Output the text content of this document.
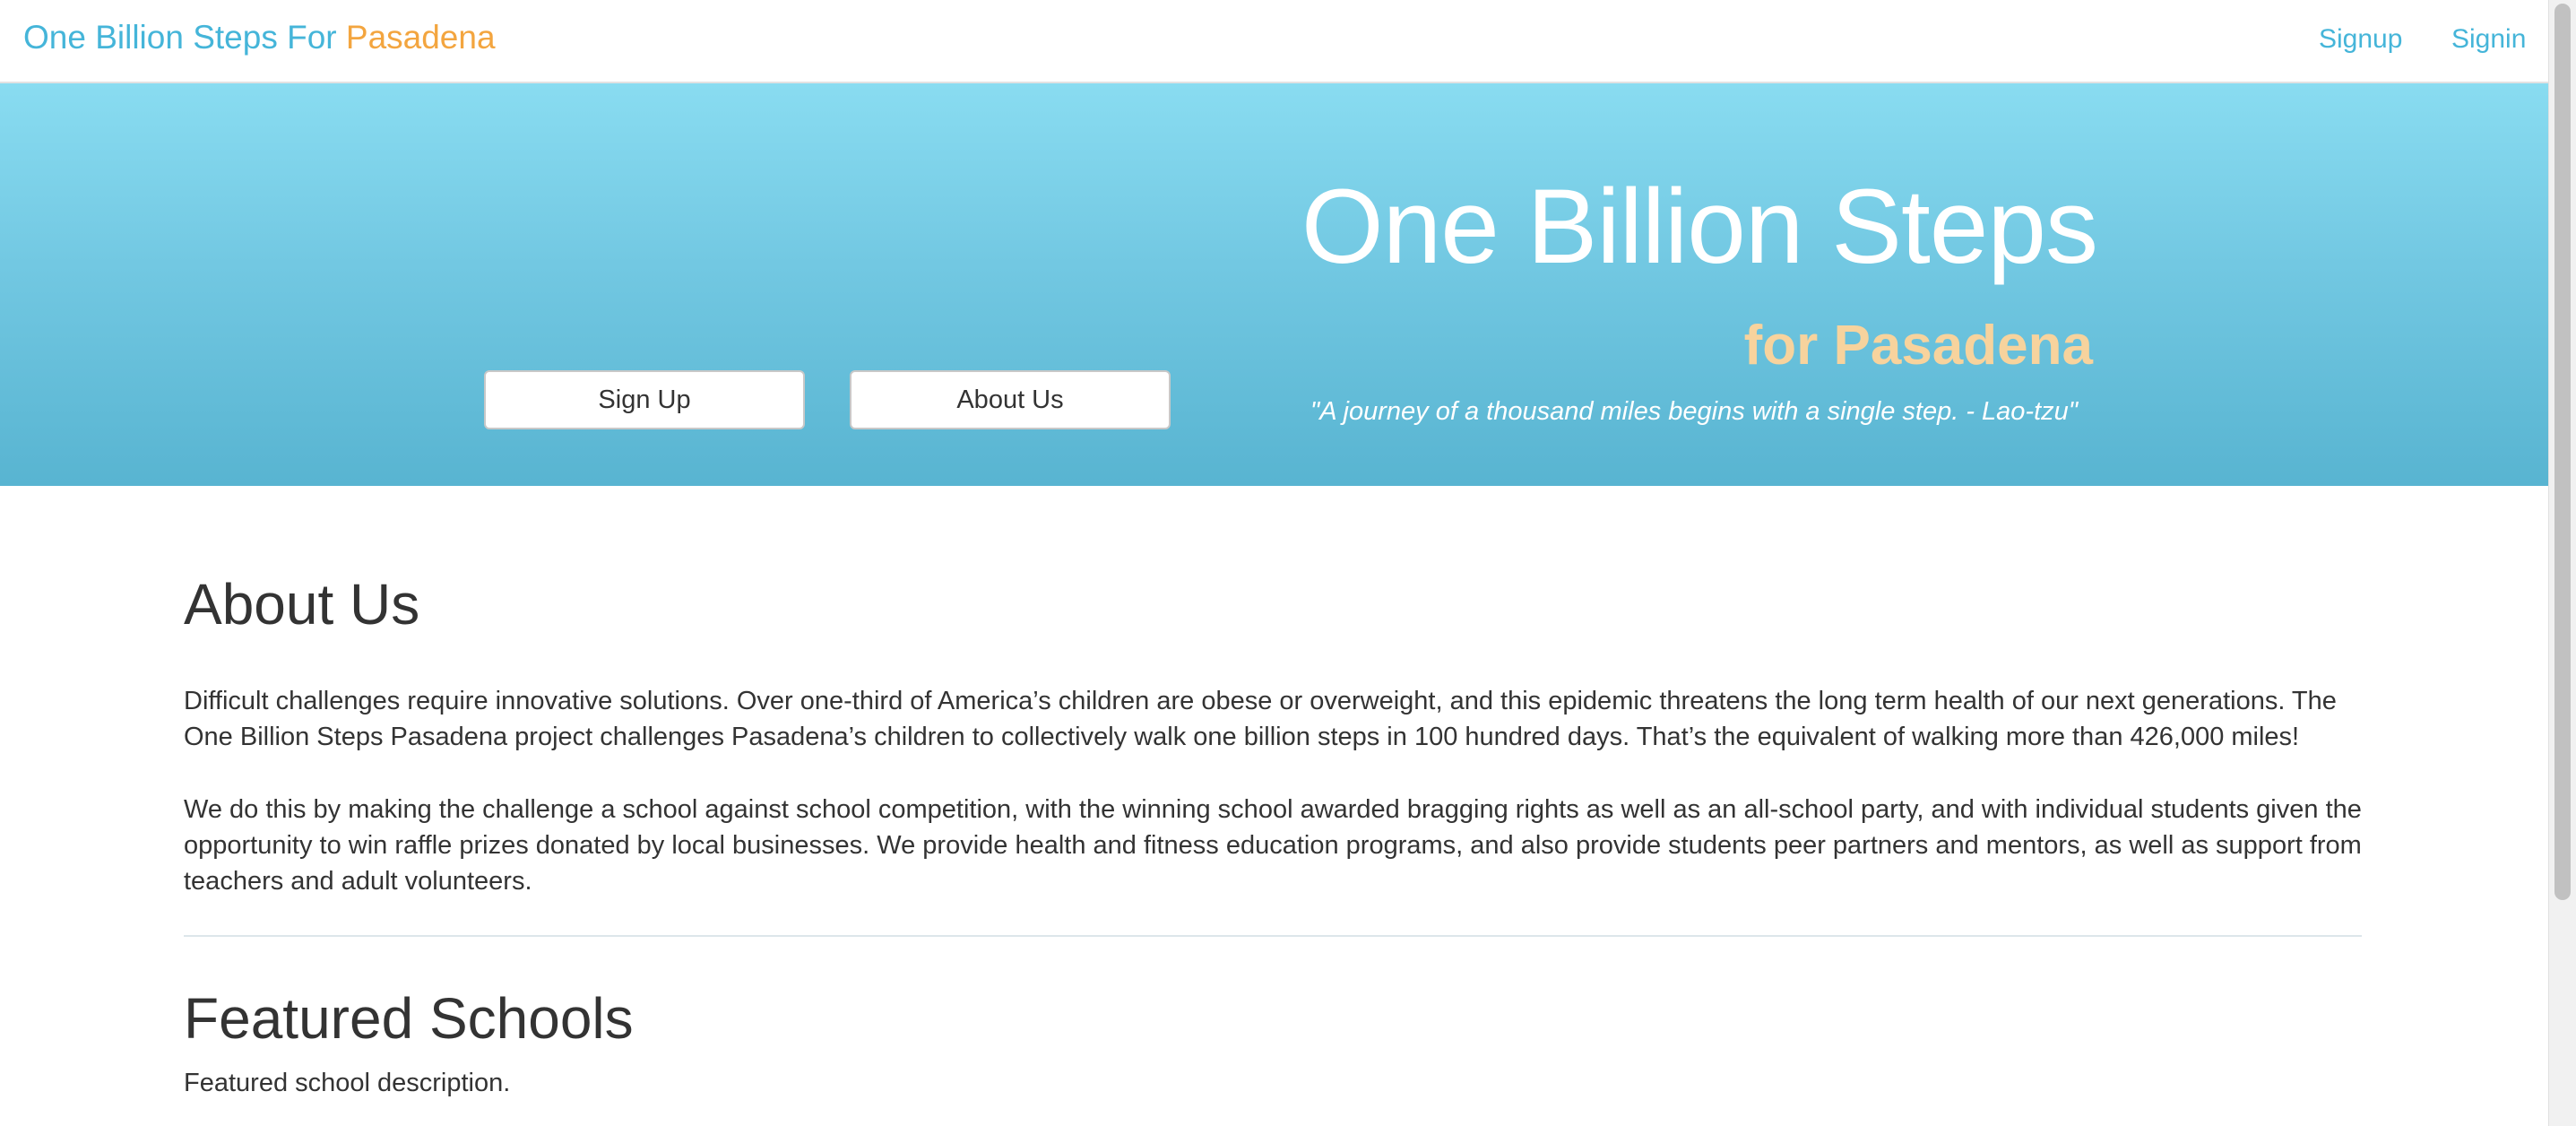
One Billion Steps For Pasadena	Signup Signin
Sign Up	About Us
One Billion Steps
for Pasadena

"A journey of a thousand miles begins with a single step. - Lao-tzu"

About Us

Difficult challenges require innovative solutions. Over one-third of America’s children are obese or overweight, and this epidemic threatens the long term health of our next generations. The One Billion Steps Pasadena project challenges Pasadena’s children to collectively walk one billion steps in 100 hundred days. That’s the equivalent of walking more than 426,000 miles!

We do this by making the challenge a school against school competition, with the winning school awarded bragging rights as well as an all-school party, and with individual students given the opportunity to win raffle prizes donated by local businesses. We provide health and fitness education programs, and also provide students peer partners and mentors, as well as support from teachers and adult volunteers.

Featured Schools

Featured school description.
